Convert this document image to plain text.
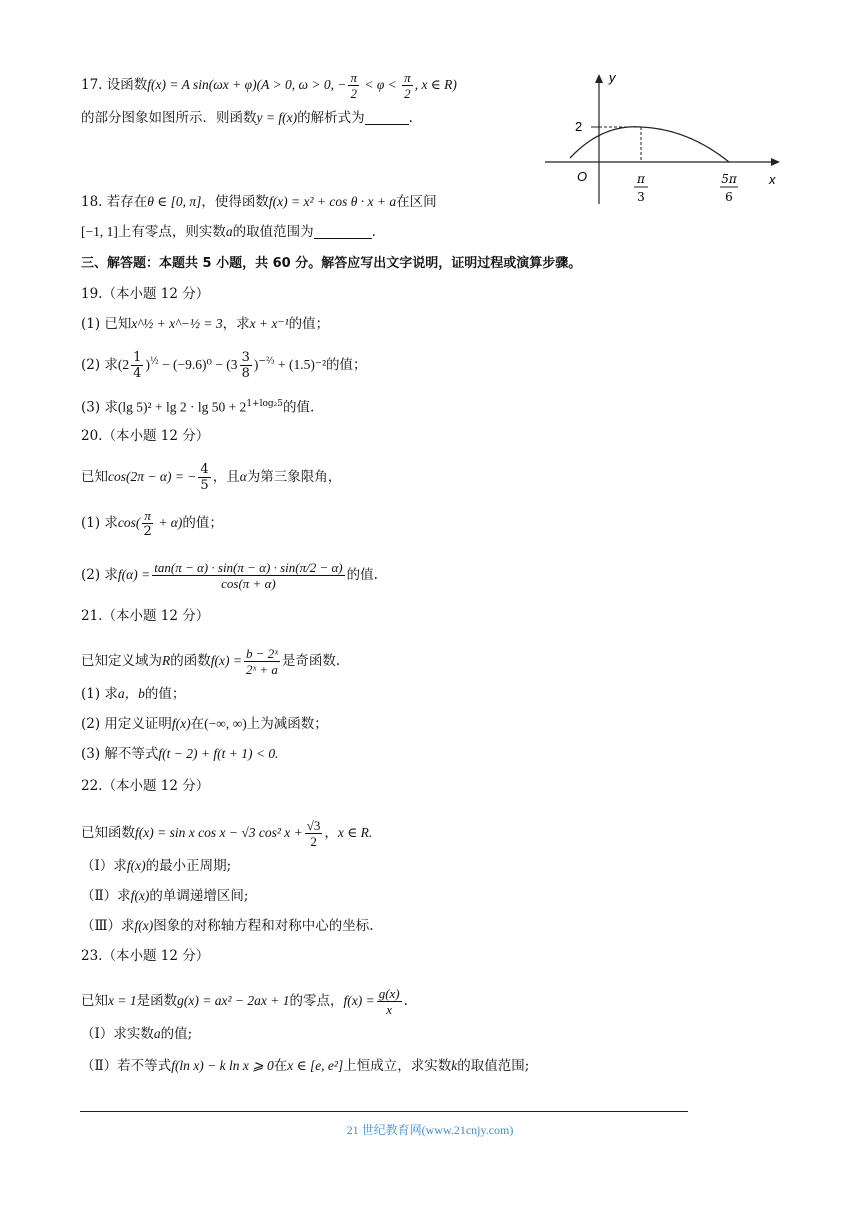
17. 设函数f(x) = A sin(ωx + φ)(A > 0, ω > 0, − $\frac{\pi}{2} < \varphi < \frac{\pi}{2}$ , x ∈ R)
的部分图象如图所示．则函数y = f(x)的解析式为	.
y
x
O
2
π
3
5π
6
18. 若存在θ ∈ [0, π]，使得函数f(x) = x² + cos θ · x + a在区间
[−1, 1]上有零点，则实数a的取值范围为	.
三、解答题：本题共 5 小题，共 60 分。解答应写出文字说明，证明过程或演算步骤。
19.（本小题 12 分）
(1) 已知x^½ + x^−½ = 3，求x + x⁻¹的值；
(2) 求$(2 \frac{1}{4} )^{\frac{1}{2}} - (-9.6)^0 - (3 \frac{3}{8} )^{-\frac{2}{3}} + (1.5)^{-2}$的值；
(3) 求(lg $5)^2 + \lg 2 \cdot \lg 50 + 2^{1+log_25}$的值.
20.（本小题 12 分）
已知cos(2π − α) = − $\frac{4}{5}$ ，且α为第三象限角，
(1) 求$\cos( \frac{\pi}{2} + \alpha)$的值；
(2) 求$f(\alpha) = \frac{\tan(\pi - \alpha) \cdot \sin(\pi - \alpha) \cdot \sin(\pi/2 - \alpha)}{\cos(\pi + \alpha)}$ 的值.
21.（本小题 12 分）
已知定义域为R的函数$f(x) = \frac{\text{b − 2ˣ}}{\text{2ˣ + a}}$ 是奇函数.
(1) 求a，b的值；
(2) 用定义证明f(x)在(−∞, ∞)上为减函数；
(3) 解不等式f(t − 2) + f(t + 1) < 0.
22.（本小题 12 分）
已知函数f(x) = sin x cos x − √3 cos² $x + \frac{√3}{2}$ ，x ∈ R.
（Ⅰ）求f(x)的最小正周期;
（Ⅱ）求f(x)的单调递增区间;
（Ⅲ）求f(x)图象的对称轴方程和对称中心的坐标.
23.（本小题 12 分）
已知x = 1是函数g(x) = ax² − 2ax + 1的零点，$f(x) = \frac{g(x)}{x}$ .
（Ⅰ）求实数a的值;
（Ⅱ）若不等式f(ln x) − k ln x ⩾ 0在x ∈ [e, e²]上恒成立，求实数k的取值范围;
21 世纪教育网(www.21cnjy.com)
